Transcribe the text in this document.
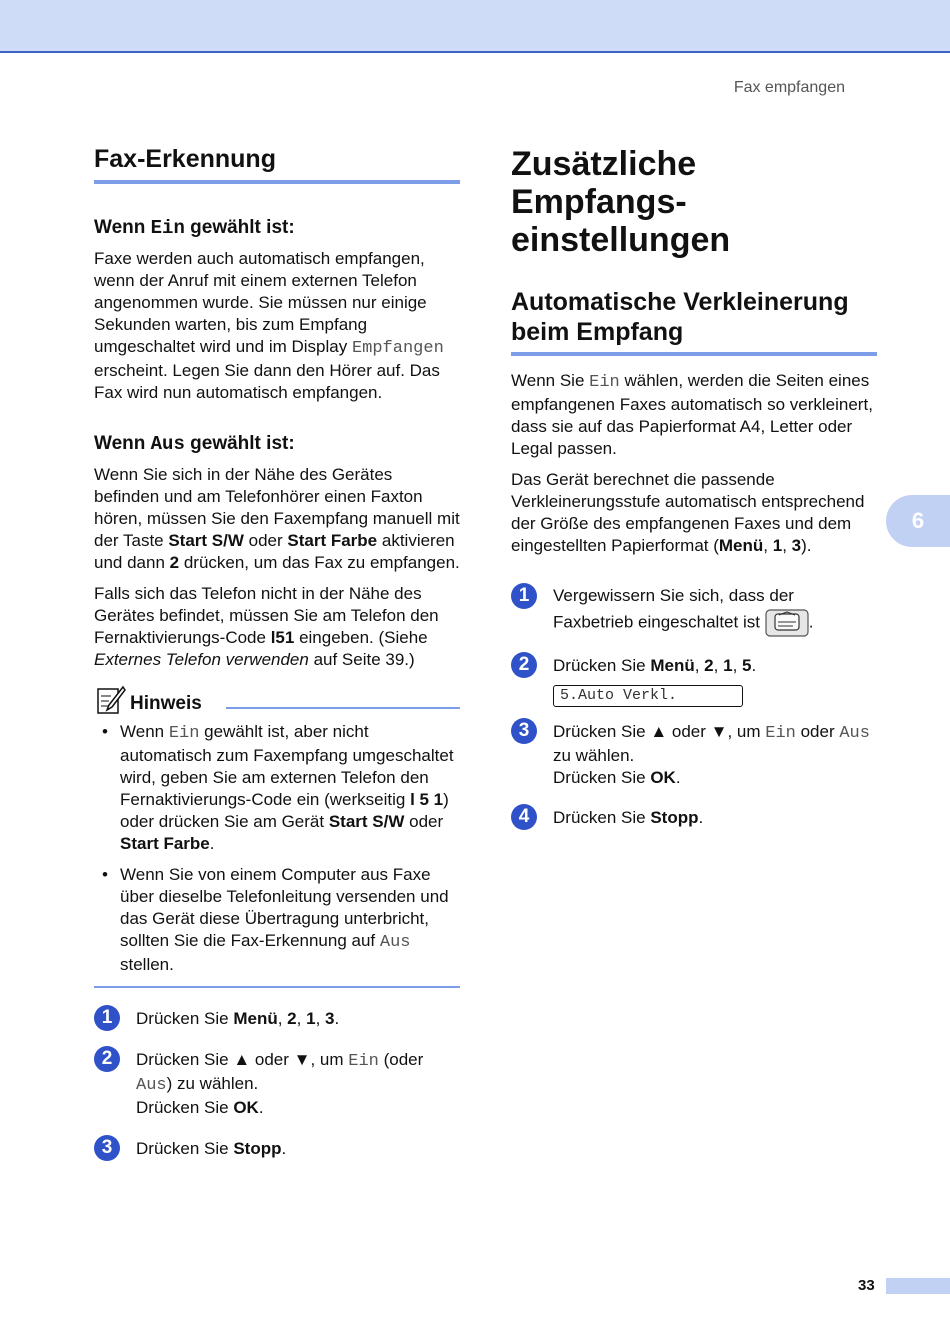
Fax empfangen
Fax-Erkennung
Wenn Ein gewählt ist:

Faxe werden auch automatisch empfangen, wenn der Anruf mit einem externen Telefon angenommen wurde. Sie müssen nur einige Sekunden warten, bis zum Empfang umgeschaltet wird und im Display Empfangen erscheint. Legen Sie dann den Hörer auf. Das Fax wird nun automatisch empfangen.

Wenn Aus gewählt ist:

Wenn Sie sich in der Nähe des Gerätes befinden und am Telefonhörer einen Faxton hören, müssen Sie den Faxempfang manuell mit der Taste Start S/W oder Start Farbe aktivieren und dann 2 drücken, um das Fax zu empfangen.

Falls sich das Telefon nicht in der Nähe des Gerätes befindet, müssen Sie am Telefon den Fernaktivierungs-Code l51 eingeben. (Siehe Externes Telefon verwenden auf Seite 39.)

Hinweis
• Wenn Ein gewählt ist, aber nicht automatisch zum Faxempfang umgeschaltet wird, geben Sie am externen Telefon den Fernaktivierungs-Code ein (werkseitig l 5 1) oder drücken Sie am Gerät Start S/W oder Start Farbe.
• Wenn Sie von einem Computer aus Faxe über dieselbe Telefonleitung versenden und das Gerät diese Übertragung unterbricht, sollten Sie die Fax-Erkennung auf Aus stellen.
1	Drücken Sie Menü, 2, 1, 3.
2	Drücken Sie ▲ oder ▼, um Ein (oder Aus) zu wählen.
Drücken Sie OK.
3	Drücken Sie Stopp.
Zusätzliche Empfangs-
einstellungen
Automatische Verkleinerung
beim Empfang

Wenn Sie Ein wählen, werden die Seiten eines empfangenen Faxes automatisch so verkleinert, dass sie auf das Papierformat A4, Letter oder Legal passen.

Das Gerät berechnet die passende Verkleinerungsstufe automatisch entsprechend der Größe des empfangenen Faxes und dem eingestellten Papierformat (Menü, 1, 3).

1	Vergewissern Sie sich, dass der Faxbetrieb eingeschaltet ist	.
2	Drücken Sie Menü, 2, 1, 5.
5.Auto Verkl.
3	Drücken Sie ▲ oder ▼, um Ein oder Aus zu wählen.
Drücken Sie OK.
4	Drücken Sie Stopp.
6
33
